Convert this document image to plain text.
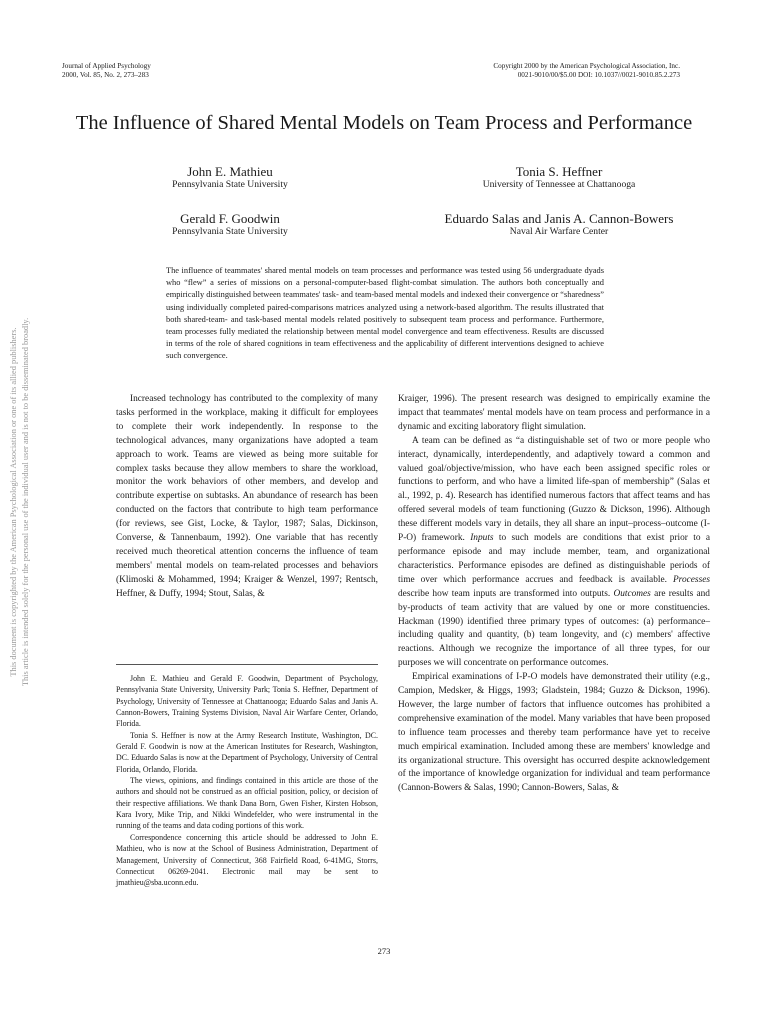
Journal of Applied Psychology
2000, Vol. 85, No. 2, 273–283
Copyright 2000 by the American Psychological Association, Inc.
0021-9010/00/$5.00 DOI: 10.1037//0021-9010.85.2.273
The Influence of Shared Mental Models on Team Process and Performance
John E. Mathieu
Pennsylvania State University
Tonia S. Heffner
University of Tennessee at Chattanooga
Gerald F. Goodwin
Pennsylvania State University
Eduardo Salas and Janis A. Cannon-Bowers
Naval Air Warfare Center

The influence of teammates' shared mental models on team processes and performance was tested using 56 undergraduate dyads who “flew” a series of missions on a personal-computer-based flight-combat simulation. The authors both conceptually and empirically distinguished between teammates' task- and team-based mental models and indexed their convergence or “sharedness” using individually completed paired-comparisons matrices analyzed using a network-based algorithm. The results illustrated that both shared-team- and task-based mental models related positively to subsequent team process and performance. Furthermore, team processes fully mediated the relationship between mental model convergence and team effectiveness. Results are discussed in terms of the role of shared cognitions in team effectiveness and the applicability of different interventions designed to achieve such convergence.

Increased technology has contributed to the complexity of many tasks performed in the workplace, making it difficult for employees to complete their work independently. In response to the technological advances, many organizations have adopted a team approach to work. Teams are viewed as being more suitable for complex tasks because they allow members to share the workload, monitor the work behaviors of other members, and develop and contribute expertise on subtasks. An abundance of research has been conducted on the factors that contribute to high team performance (for reviews, see Gist, Locke, & Taylor, 1987; Salas, Dickinson, Converse, & Tannenbaum, 1992). One variable that has recently received much theoretical attention concerns the influence of team members' mental models on team-related processes and behaviors (Klimoski & Mohammed, 1994; Kraiger & Wenzel, 1997; Rentsch, Heffner, & Duffy, 1994; Stout, Salas, &

John E. Mathieu and Gerald F. Goodwin, Department of Psychology, Pennsylvania State University, University Park; Tonia S. Heffner, Department of Psychology, University of Tennessee at Chattanooga; Eduardo Salas and Janis A. Cannon-Bowers, Training Systems Division, Naval Air Warfare Center, Orlando, Florida.

Tonia S. Heffner is now at the Army Research Institute, Washington, DC. Gerald F. Goodwin is now at the American Institutes for Research, Washington, DC. Eduardo Salas is now at the Department of Psychology, University of Central Florida, Orlando, Florida.

The views, opinions, and findings contained in this article are those of the authors and should not be construed as an official position, policy, or decision of their respective affiliations. We thank Dana Born, Gwen Fisher, Kirsten Hobson, Kara Ivory, Mike Trip, and Nikki Windefelder, who were instrumental in the running of the teams and data coding portions of this work.

Correspondence concerning this article should be addressed to John E. Mathieu, who is now at the School of Business Administration, Department of Management, University of Connecticut, 368 Fairfield Road, 6-41MG, Storrs, Connecticut 06269-2041. Electronic mail may be sent to jmathieu@sba.uconn.edu.

Kraiger, 1996). The present research was designed to empirically examine the impact that teammates' mental models have on team process and performance in a dynamic and exciting laboratory flight simulation.

A team can be defined as “a distinguishable set of two or more people who interact, dynamically, interdependently, and adaptively toward a common and valued goal/objective/mission, who have each been assigned specific roles or functions to perform, and who have a limited life-span of membership” (Salas et al., 1992, p. 4). Research has identified numerous factors that affect teams and has offered several models of team functioning (Guzzo & Dickson, 1996). Although these different models vary in details, they all share an input–process–outcome (I-P-O) framework. Inputs to such models are conditions that exist prior to a performance episode and may include member, team, and organizational characteristics. Performance episodes are defined as distinguishable periods of time over which performance accrues and feedback is available. Processes describe how team inputs are transformed into outputs. Outcomes are results and by-products of team activity that are valued by one or more constituencies. Hackman (1990) identified three primary types of outcomes: (a) performance–including quality and quantity, (b) team longevity, and (c) members' affective reactions. Although we recognize the importance of all three types, for our purposes we will concentrate on performance outcomes.

Empirical examinations of I-P-O models have demonstrated their utility (e.g., Campion, Medsker, & Higgs, 1993; Gladstein, 1984; Guzzo & Dickson, 1996). However, the large number of factors that influence outcomes has prohibited a comprehensive examination of the model. Many variables that have been proposed to influence team processes and thereby team performance have yet to receive much empirical examination. Included among these are members' knowledge and its organizational structure. This oversight has occurred despite acknowledgement of the importance of knowledge organization for individual and team performance (Cannon-Bowers & Salas, 1990; Cannon-Bowers, Salas, &

273
This document is copyrighted by the American Psychological Association or one of its allied publishers. This article is intended solely for the personal use of the individual user and is not to be disseminated broadly.
